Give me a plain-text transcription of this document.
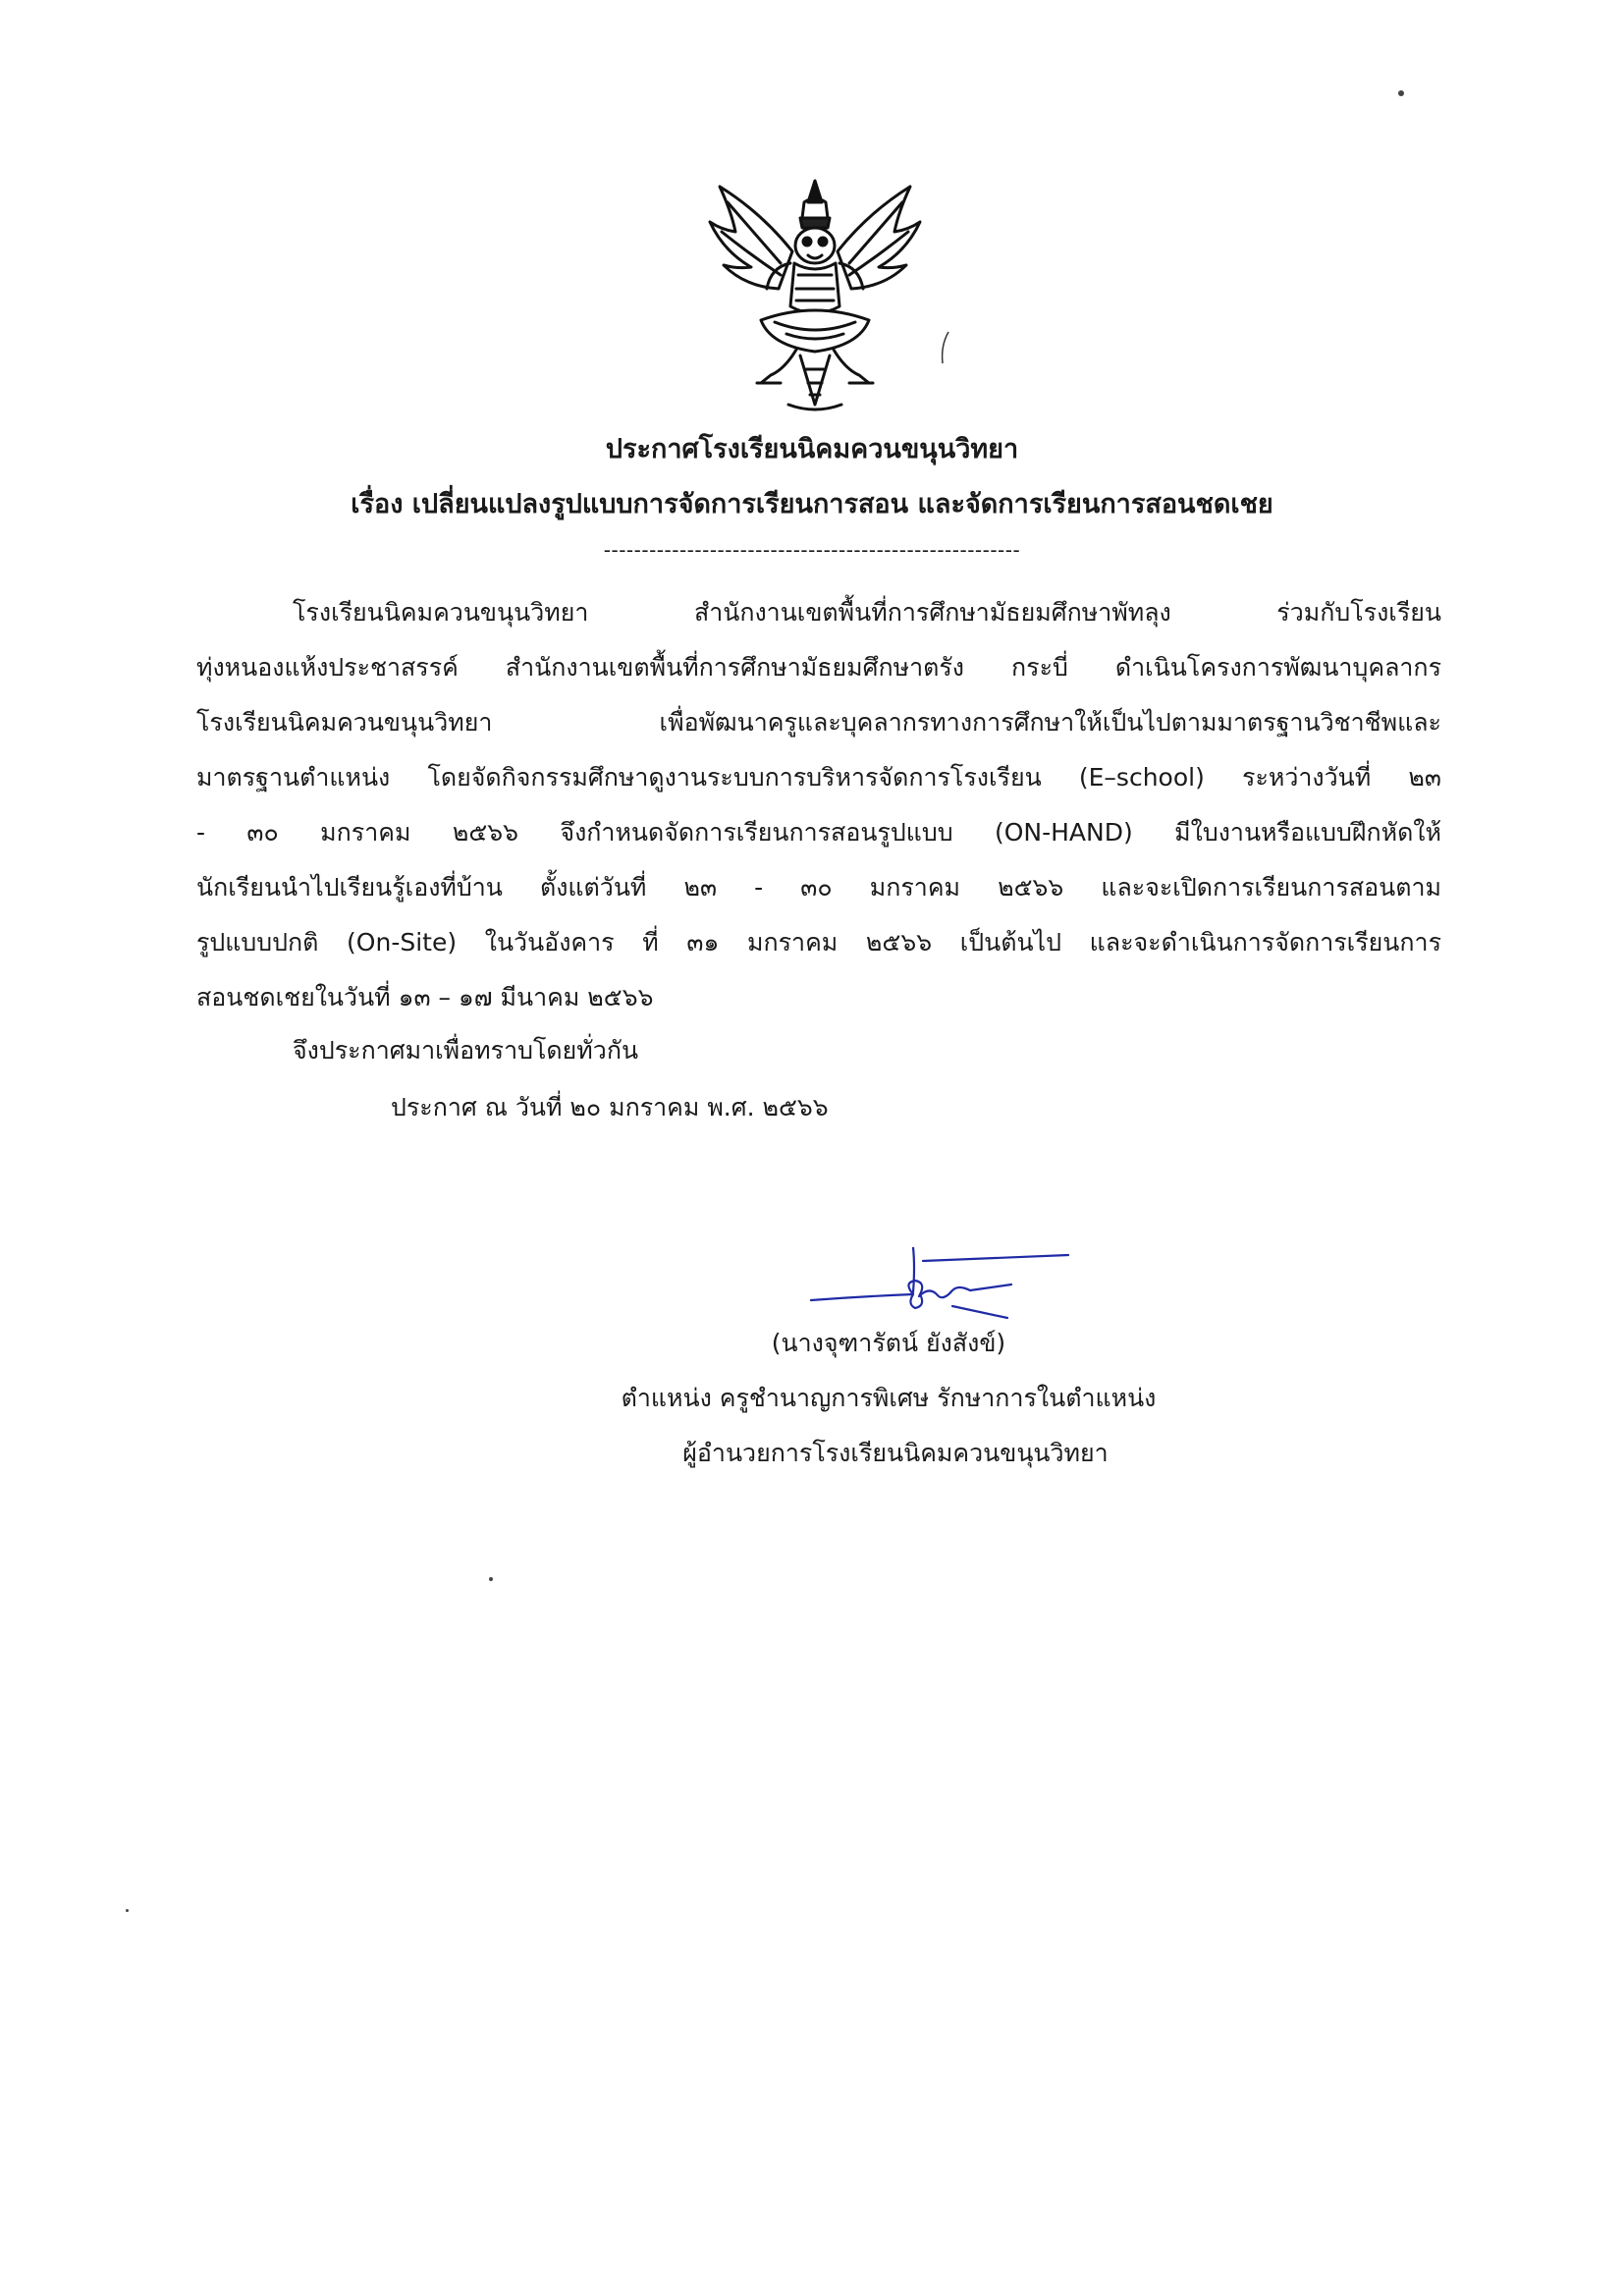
ประกาศโรงเรียนนิคมควนขนุนวิทยา
เรื่อง เปลี่ยนแปลงรูปแบบการจัดการเรียนการสอน และจัดการเรียนการสอนชดเชย
-------------------------------------------------------
โรงเรียนนิคมควนขนุนวิทยา สำนักงานเขตพื้นที่การศึกษามัธยมศึกษาพัทลุง ร่วมกับโรงเรียน
ทุ่งหนองแห้งประชาสรรค์ สำนักงานเขตพื้นที่การศึกษามัธยมศึกษาตรัง กระบี่ ดำเนินโครงการพัฒนาบุคลากร
โรงเรียนนิคมควนขนุนวิทยา เพื่อพัฒนาครูและบุคลากรทางการศึกษาให้เป็นไปตามมาตรฐานวิชาชีพและ
มาตรฐานตำแหน่ง โดยจัดกิจกรรมศึกษาดูงานระบบการบริหารจัดการโรงเรียน (E–school) ระหว่างวันที่ ๒๓
- ๓๐ มกราคม ๒๕๖๖ จึงกำหนดจัดการเรียนการสอนรูปแบบ (ON-HAND) มีใบงานหรือแบบฝึกหัดให้
นักเรียนนำไปเรียนรู้เองที่บ้าน ตั้งแต่วันที่ ๒๓ - ๓๐ มกราคม ๒๕๖๖ และจะเปิดการเรียนการสอนตาม
รูปแบบปกติ (On-Site) ในวันอังคาร ที่ ๓๑ มกราคม ๒๕๖๖ เป็นต้นไป และจะดำเนินการจัดการเรียนการ
สอนชดเชยในวันที่ ๑๓ – ๑๗ มีนาคม ๒๕๖๖
จึงประกาศมาเพื่อทราบโดยทั่วกัน
ประกาศ ณ วันที่ ๒๐ มกราคม พ.ศ. ๒๕๖๖
(นางจุฑารัตน์ ยังสังข์)
ตำแหน่ง ครูชำนาญการพิเศษ รักษาการในตำแหน่ง
ผู้อำนวยการโรงเรียนนิคมควนขนุนวิทยา
